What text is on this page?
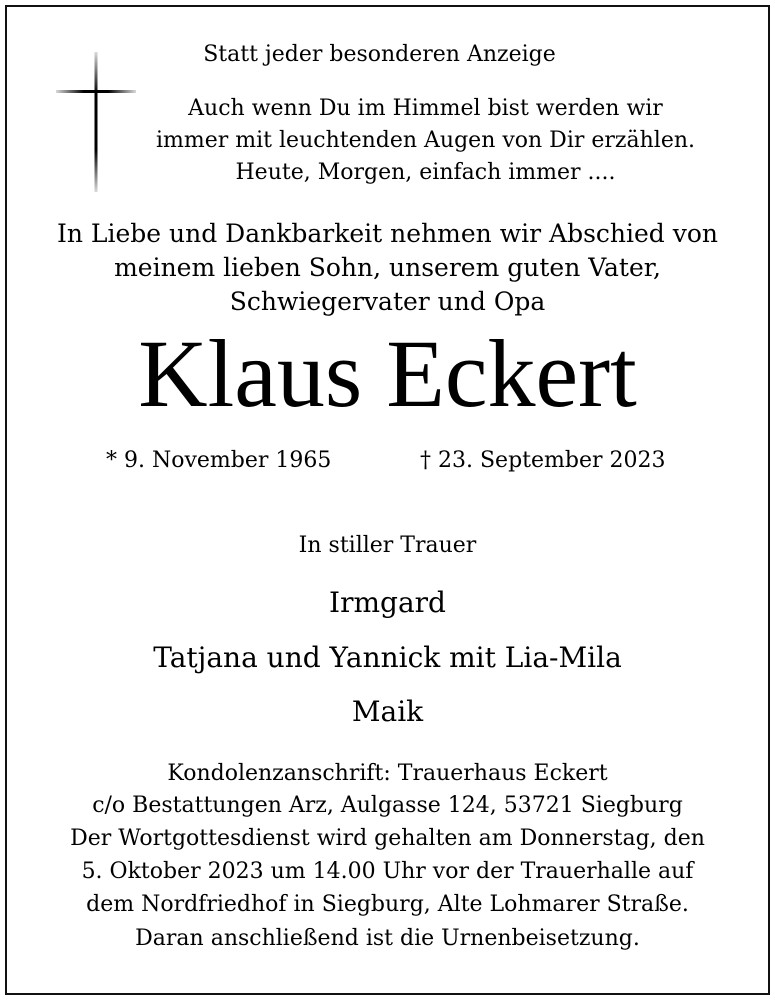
Statt jeder besonderen Anzeige

Auch wenn Du im Himmel bist werden wir

immer mit leuchtenden Augen von Dir erzählen.

Heute, Morgen, einfach immer ....

In Liebe und Dankbarkeit nehmen wir Abschied von

meinem lieben Sohn, unserem guten Vater,

Schwiegervater und Opa

Klaus Eckert

* 9. November 1965	† 23. September 2023

In stiller Trauer

Irmgard

Tatjana und Yannick mit Lia-Mila

Maik

Kondolenzanschrift: Trauerhaus Eckert

c/o Bestattungen Arz, Aulgasse 124, 53721 Siegburg

Der Wortgottesdienst wird gehalten am Donnerstag, den

5. Oktober 2023 um 14.00 Uhr vor der Trauerhalle auf

dem Nordfriedhof in Siegburg, Alte Lohmarer Straße.

Daran anschließend ist die Urnenbeisetzung.
